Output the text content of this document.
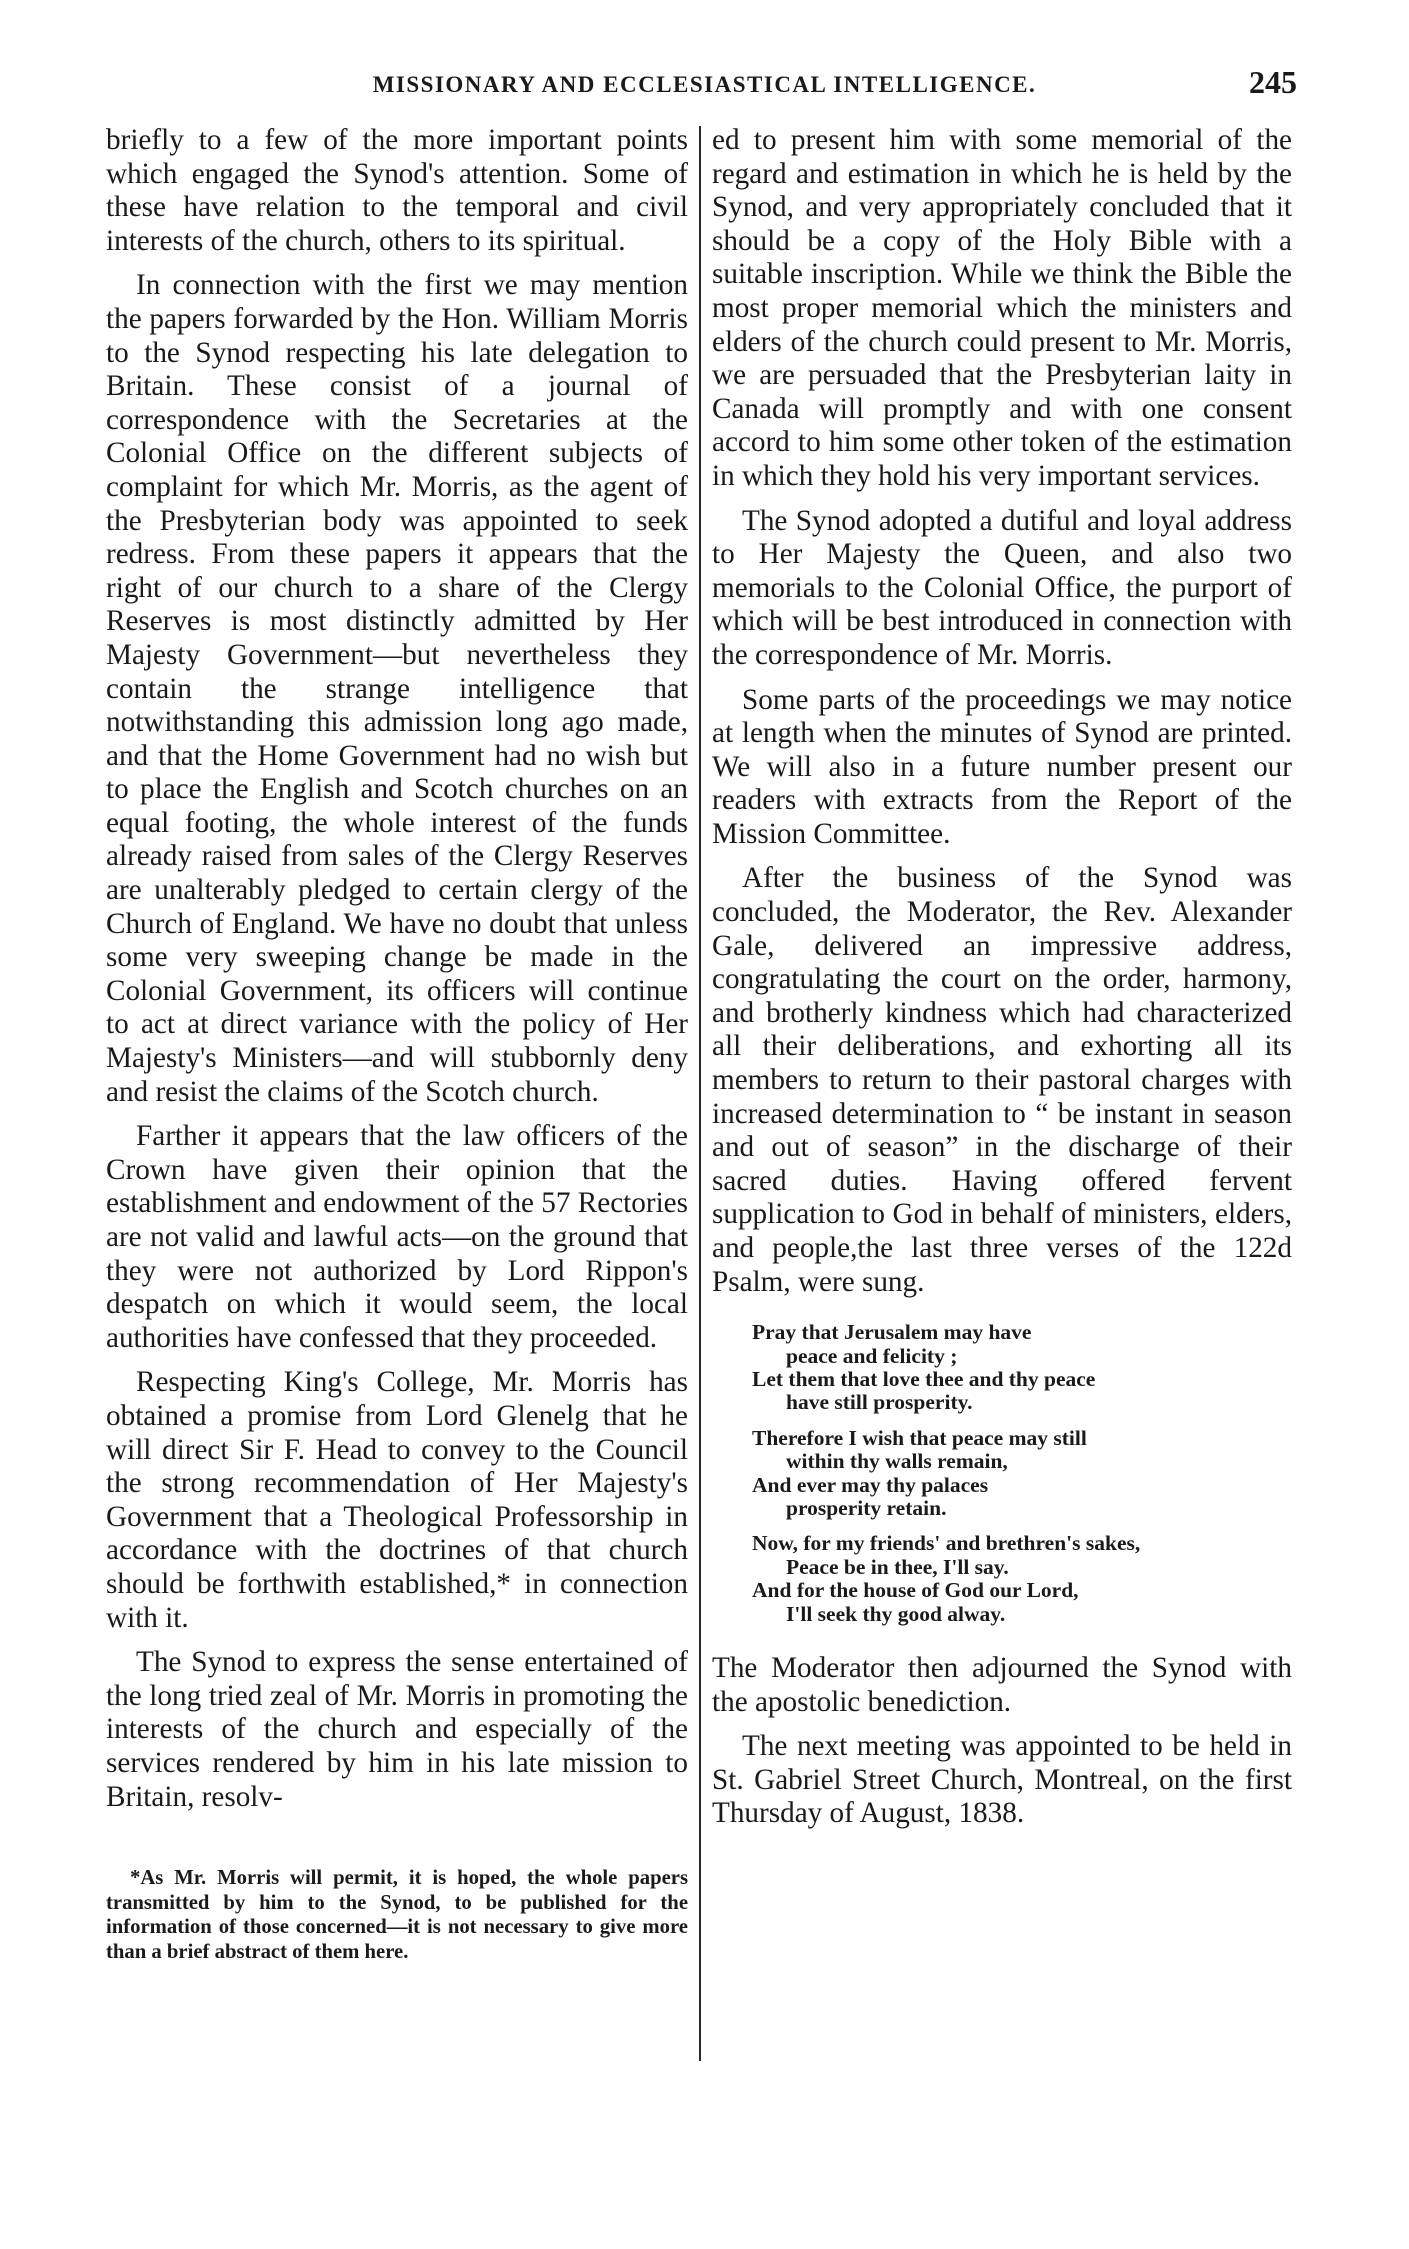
MISSIONARY AND ECCLESIASTICAL INTELLIGENCE.	245

briefly to a few of the more important points which engaged the Synod's attention. Some of these have relation to the temporal and civil interests of the church, others to its spiritual.

In connection with the first we may mention the papers forwarded by the Hon. William Morris to the Synod respecting his late delegation to Britain. These consist of a journal of correspondence with the Secretaries at the Colonial Office on the different subjects of complaint for which Mr. Morris, as the agent of the Presbyterian body was appointed to seek redress. From these papers it appears that the right of our church to a share of the Clergy Reserves is most distinctly admitted by Her Majesty Government—but nevertheless they contain the strange intelligence that notwithstanding this admission long ago made, and that the Home Government had no wish but to place the English and Scotch churches on an equal footing, the whole interest of the funds already raised from sales of the Clergy Reserves are unalterably pledged to certain clergy of the Church of England. We have no doubt that unless some very sweeping change be made in the Colonial Government, its officers will continue to act at direct variance with the policy of Her Majesty's Ministers—and will stubbornly deny and resist the claims of the Scotch church.

Farther it appears that the law officers of the Crown have given their opinion that the establishment and endowment of the 57 Rectories are not valid and lawful acts—on the ground that they were not authorized by Lord Rippon's despatch on which it would seem, the local authorities have confessed that they proceeded.

Respecting King's College, Mr. Morris has obtained a promise from Lord Glenelg that he will direct Sir F. Head to convey to the Council the strong recommendation of Her Majesty's Government that a Theological Professorship in accordance with the doctrines of that church should be forthwith established,* in connection with it.

The Synod to express the sense entertained of the long tried zeal of Mr. Morris in promoting the interests of the church and especially of the services rendered by him in his late mission to Britain, resolv-

*As Mr. Morris will permit, it is hoped, the whole papers transmitted by him to the Synod, to be published for the information of those concerned—it is not necessary to give more than a brief abstract of them here.

ed to present him with some memorial of the regard and estimation in which he is held by the Synod, and very appropriately concluded that it should be a copy of the Holy Bible with a suitable inscription. While we think the Bible the most proper memorial which the ministers and elders of the church could present to Mr. Morris, we are persuaded that the Presbyterian laity in Canada will promptly and with one consent accord to him some other token of the estimation in which they hold his very important services.

The Synod adopted a dutiful and loyal address to Her Majesty the Queen, and also two memorials to the Colonial Office, the purport of which will be best introduced in connection with the correspondence of Mr. Morris.

Some parts of the proceedings we may notice at length when the minutes of Synod are printed. We will also in a future number present our readers with extracts from the Report of the Mission Committee.

After the business of the Synod was concluded, the Moderator, the Rev. Alexander Gale, delivered an impressive address, congratulating the court on the order, harmony, and brotherly kindness which had characterized all their deliberations, and exhorting all its members to return to their pastoral charges with increased determination to “ be instant in season and out of season” in the discharge of their sacred duties. Having offered fervent supplication to God in behalf of ministers, elders, and people,the last three verses of the 122d Psalm, were sung.

Pray that Jerusalem may have
peace and felicity ;
Let them that love thee and thy peace
have still prosperity.
Therefore I wish that peace may still
within thy walls remain,
And ever may thy palaces
prosperity retain.
Now, for my friends' and brethren's sakes,
Peace be in thee, I'll say.
And for the house of God our Lord,
I'll seek thy good alway.

The Moderator then adjourned the Synod with the apostolic benediction.

The next meeting was appointed to be held in St. Gabriel Street Church, Montreal, on the first Thursday of August, 1838.
